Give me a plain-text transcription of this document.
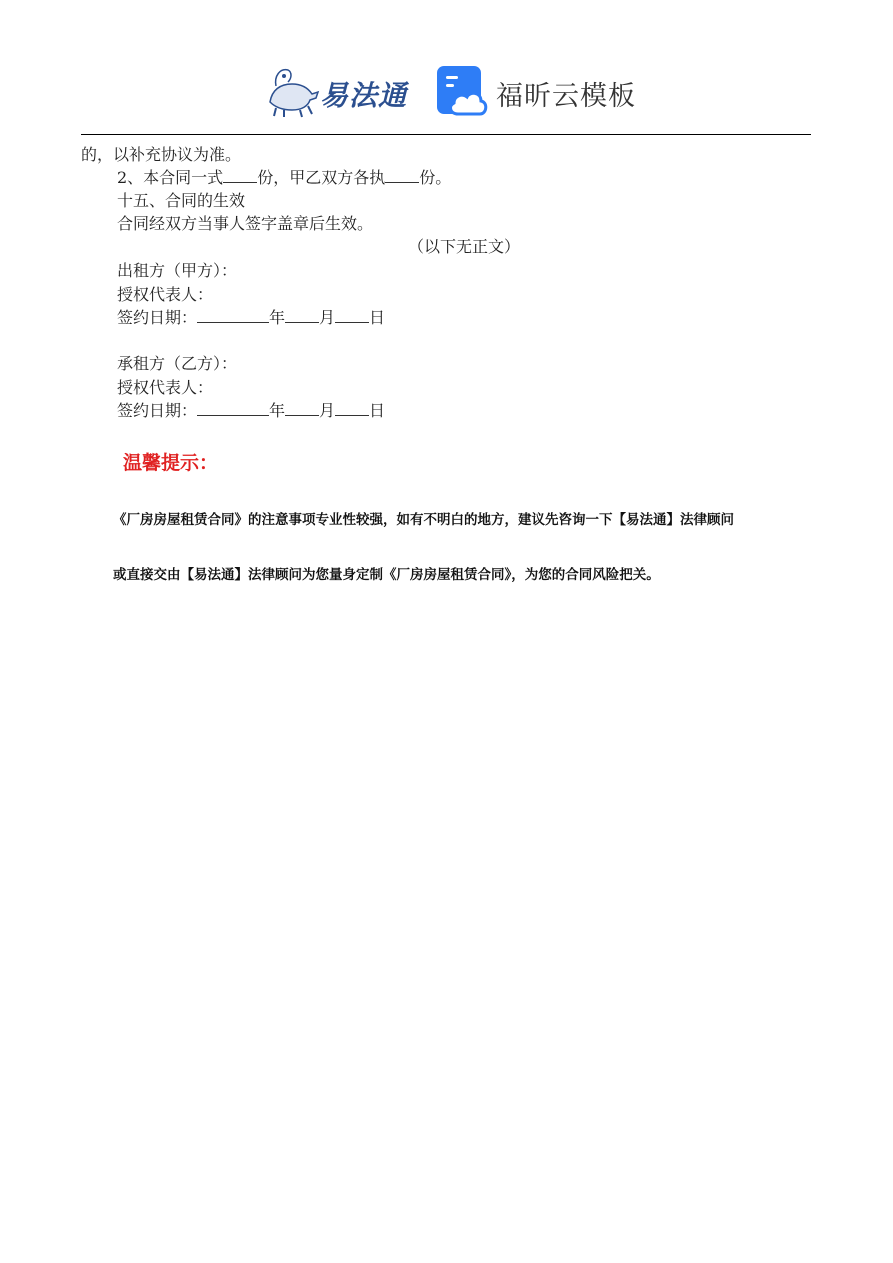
易法通	福昕云模板
的，以补充协议为准。
2、本合同一式 份，甲乙双方各执 份。
十五、合同的生效
合同经双方当事人签字盖章后生效。
（以下无正文）
出租方（甲方）：
授权代表人：
签约日期：	年 月 日
承租方（乙方）：
授权代表人：
签约日期：	年 月 日
温馨提示：
《厂房房屋租赁合同》的注意事项专业性较强，如有不明白的地方，建议先咨询一下【易法通】法律顾问
或直接交由【易法通】法律顾问为您量身定制《厂房房屋租赁合同》，为您的合同风险把关。
